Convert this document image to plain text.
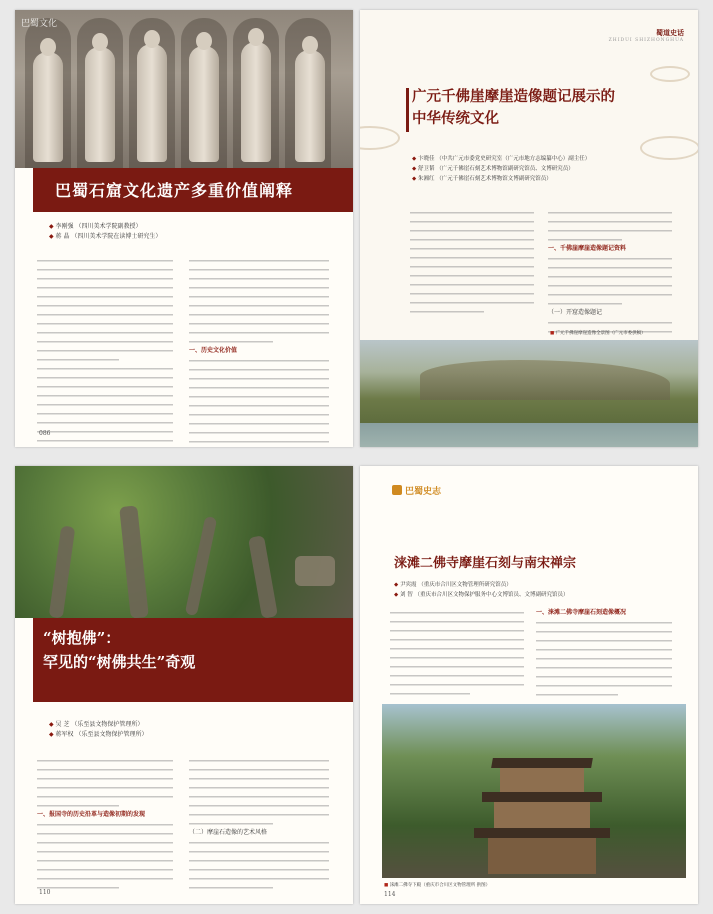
巴蜀文化
巴蜀石窟文化遗产多重价值阐释
◆ 李刚强 （四川美术学院副教授）
◆ 蒋 晶 （四川美术学院在读博士研究生）
一、历史文化价值
086
蜀道史话
ZHIDUI SHIZHONGHUA
广元千佛崖摩崖造像题记展示的
中华传统文化
◆ 卞晓佳 （中共广元市委党史研究室（广元市地方志编纂中心）副主任）
◆ 舒卫韬 （广元千佛崖石刻艺术博物馆副研究馆员、文博研究员）
◆ 朱湘红 （广元千佛崖石刻艺术博物馆文博副研究馆员）
一、千佛崖摩崖造像题记资料
（一）开窟造像题记
■ 广元千佛崖摩崖造像全景图（广元市委供稿）
“树抱佛”：
罕见的“树佛共生”奇观
◆ 吴 芝 （乐至县文物保护管理所）
◆ 蒋军权 （乐至县文物保护管理所）
一、报国寺的历史沿革与造像初期的发现
（二）摩崖石造像的艺术风格
110
巴蜀史志
涞滩二佛寺摩崖石刻与南宋禅宗
◆ 尹宾霞 （重庆市合川区文物管理所研究馆员）
◆ 刘 智 （重庆市合川区文物保护服务中心文博馆员、文博副研究馆员）
一、涞滩二佛寺摩崖石刻造像概况
■ 涞滩二佛寺下殿（重庆市合川区文物管理所 供图）
114
